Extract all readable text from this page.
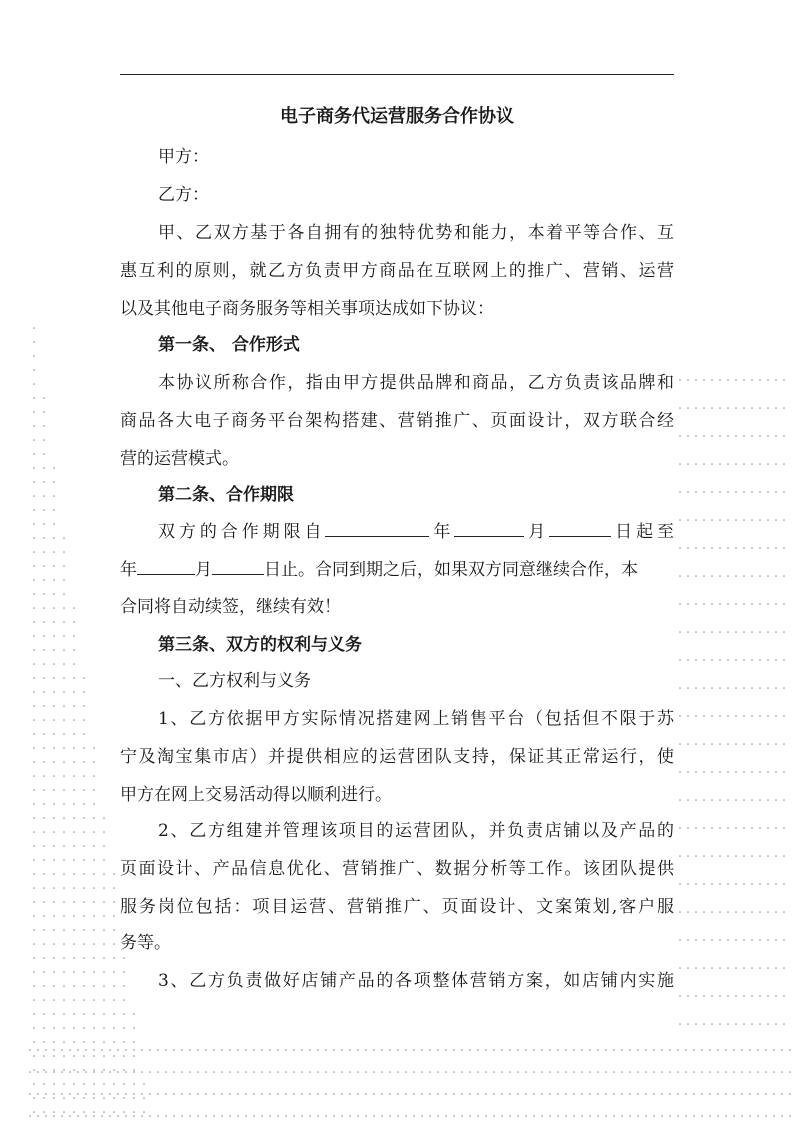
电子商务代运营服务合作协议
甲方：
乙方：
甲、乙双方基于各自拥有的独特优势和能力，本着平等合作、互
惠互利的原则，就乙方负责甲方商品在互联网上的推广、营销、运营
以及其他电子商务服务等相关事项达成如下协议：
第一条、 合作形式
本协议所称合作，指由甲方提供品牌和商品，乙方负责该品牌和
商品各大电子商务平台架构搭建、营销推广、页面设计，双方联合经
营的运营模式。
第二条、合作期限
双方的合作期限自	年	月	日起至
年	月	日止。合同到期之后，如果双方同意继续合作，本
合同将自动续签，继续有效！
第三条、双方的权利与义务
一、乙方权利与义务
1、乙方依据甲方实际情况搭建网上销售平台（包括但不限于苏
宁及淘宝集市店）并提供相应的运营团队支持，保证其正常运行，使
甲方在网上交易活动得以顺利进行。
2、乙方组建并管理该项目的运营团队，并负责店铺以及产品的
页面设计、产品信息优化、营销推广、数据分析等工作。该团队提供
服务岗位包括：项目运营、营销推广、页面设计、文案策划,客户服
务等。
3、乙方负责做好店铺产品的各项整体营销方案，如店铺内实施
